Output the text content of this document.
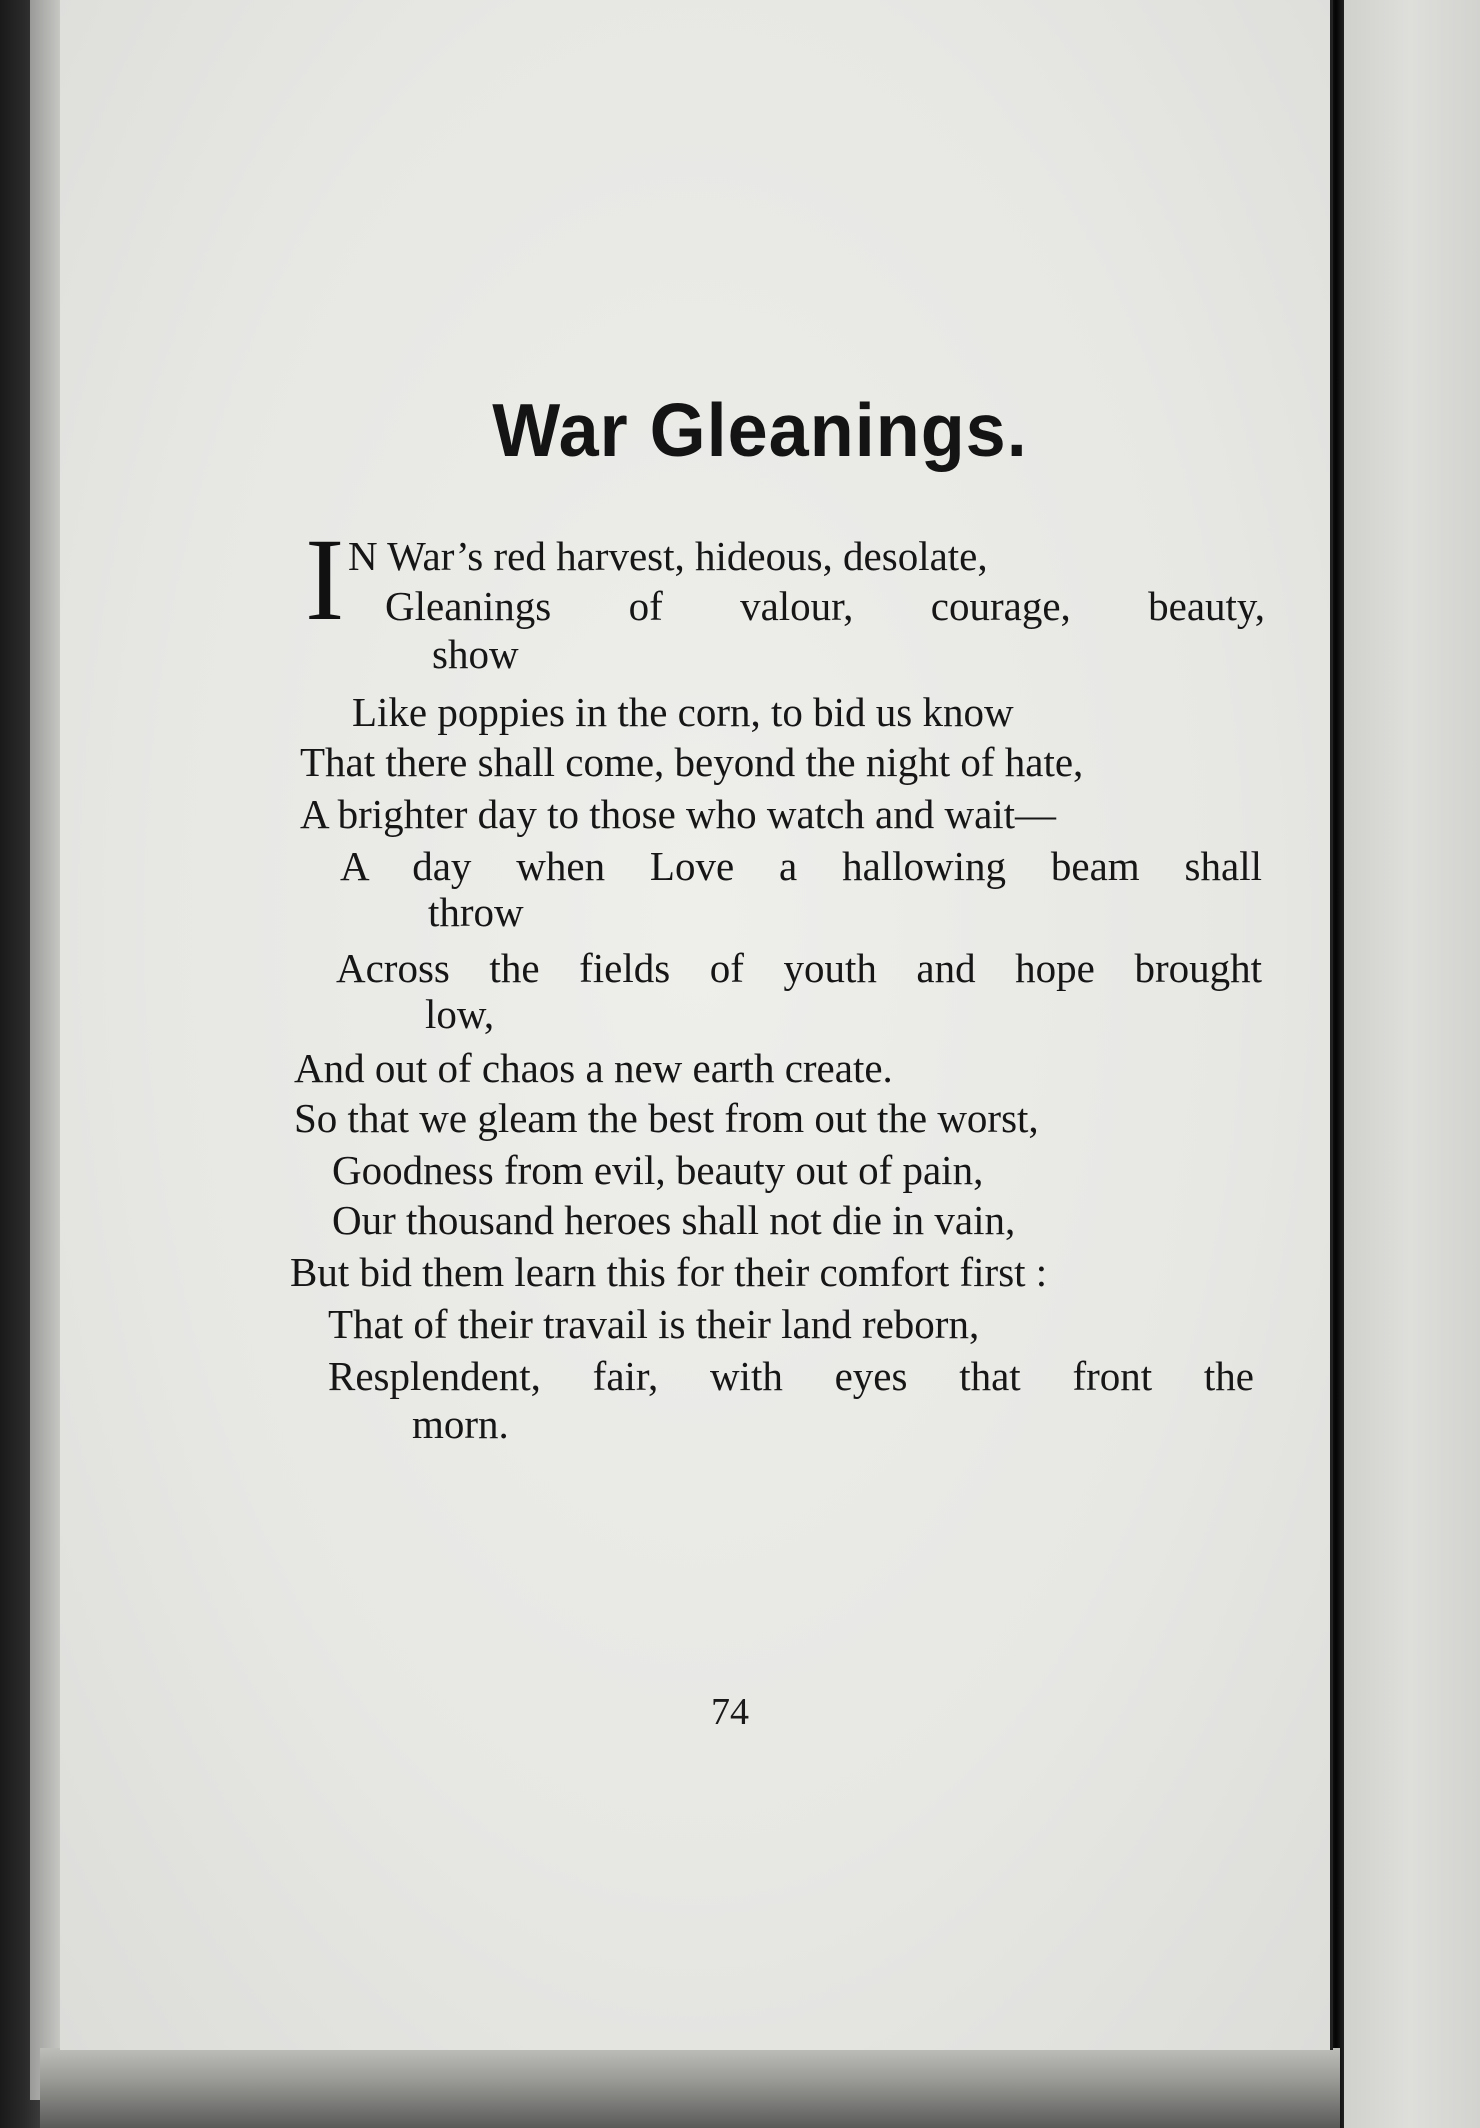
War Gleanings.
I N War’s red harvest, hideous, desolate,
Gleanings of valour, courage, beauty,
show
Like poppies in the corn, to bid us know
That there shall come, beyond the night of hate,
A brighter day to those who watch and wait—
A day when Love a hallowing beam shall
throw
Across the fields of youth and hope brought
low,
And out of chaos a new earth create.
So that we gleam the best from out the worst,
Goodness from evil, beauty out of pain,
Our thousand heroes shall not die in vain,
But bid them learn this for their comfort first :
That of their travail is their land reborn,
Resplendent, fair, with eyes that front the
morn.
74
